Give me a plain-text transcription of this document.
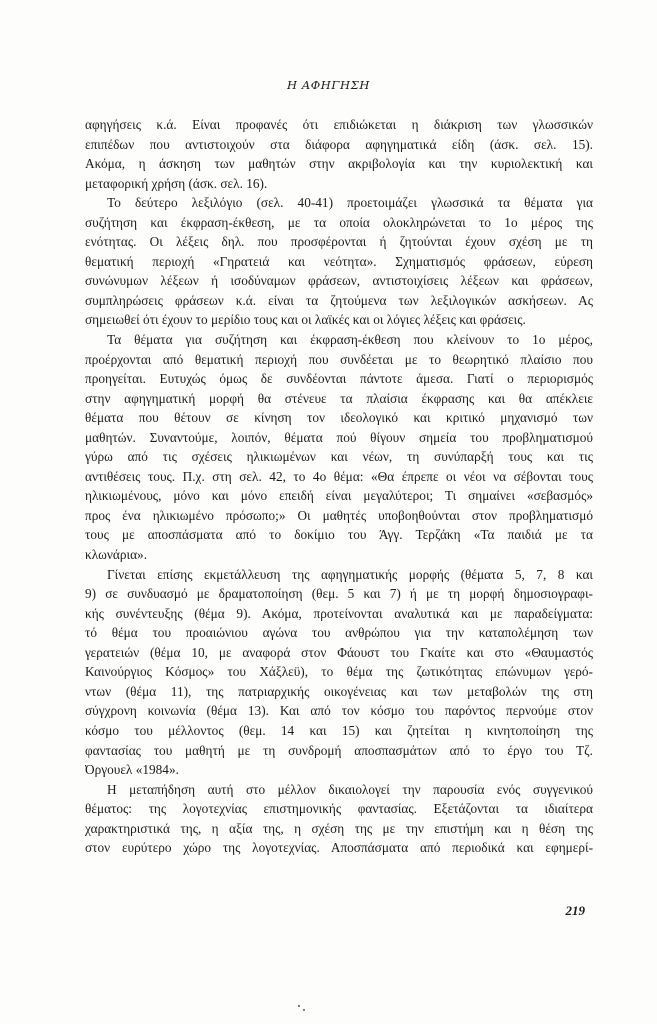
Η ΑΦΗΓΗΣΗ
αφηγήσεις κ.ά. Είναι προφανές ότι επιδιώκεται η διάκριση των γλωσσικών
επιπέδων που αντιστοιχούν στα διάφορα αφηγηματικά είδη (άσκ. σελ. 15).
Ακόμα, η άσκηση των μαθητών στην ακριβολογία και την κυριολεκτική και
μεταφορική χρήση (άσκ. σελ. 16).
Το δεύτερο λεξιλόγιο (σελ. 40-41) προετοιμάζει γλωσσικά τα θέματα για
συζήτηση και έκφραση-έκθεση, με τα οποία ολοκληρώνεται το 1ο μέρος της
ενότητας. Οι λέξεις δηλ. που προσφέρονται ή ζητούνται έχουν σχέση με τη
θεματική περιοχή «Γηρατειά και νεότητα». Σχηματισμός φράσεων, εύρεση
συνώνυμων λέξεων ή ισοδύναμων φράσεων, αντιστοιχίσεις λέξεων και φράσεων,
συμπληρώσεις φράσεων κ.ά. είναι τα ζητούμενα των λεξιλογικών ασκήσεων. Ας
σημειωθεί ότι έχουν το μερίδιο τους και οι λαϊκές και οι λόγιες λέξεις και φράσεις.
Τα θέματα για συζήτηση και έκφραση-έκθεση που κλείνουν το 1ο μέρος,
προέρχονται από θεματική περιοχή που συνδέεται με το θεωρητικό πλαίσιο που
προηγείται. Ευτυχώς όμως δε συνδέονται πάντοτε άμεσα. Γιατί ο περιορισμός
στην αφηγηματική μορφή θα στένευε τα πλαίσια έκφρασης και θα απέκλειε
θέματα που θέτουν σε κίνηση τον ιδεολογικό και κριτικό μηχανισμό των
μαθητών. Συναντούμε, λοιπόν, θέματα πού θίγουν σημεία του προβληματισμού
γύρω από τις σχέσεις ηλικιωμένων και νέων, τη συνύπαρξή τους και τις
αντιθέσεις τους. Π.χ. στη σελ. 42, το 4ο θέμα: «Θα έπρεπε οι νέοι να σέβονται τους
ηλικιωμένους, μόνο και μόνο επειδή είναι μεγαλύτεροι; Τι σημαίνει «σεβασμός»
προς ένα ηλικιωμένο πρόσωπο;» Οι μαθητές υποβοηθούνται στον προβληματισμό
τους με αποσπάσματα από το δοκίμιο του Άγγ. Τερζάκη «Τα παιδιά με τα
κλωνάρια».
Γίνεται επίσης εκμετάλλευση της αφηγηματικής μορφής (θέματα 5, 7, 8 και
9) σε συνδυασμό με δραματοποίηση (θεμ. 5 και 7) ή με τη μορφή δημοσιογραφι-
κής συνέντευξης (θέμα 9). Ακόμα, προτείνονται αναλυτικά και με παραδείγματα:
τό θέμα του προαιώνιου αγώνα του ανθρώπου για την καταπολέμηση των
γερατειών (θέμα 10, με αναφορά στον Φάουστ του Γκαίτε και στο «Θαυμαστός
Καινούργιος Κόσμος» του Χάξλεϋ), το θέμα της ζωτικότητας επώνυμων γερό-
ντων (θέμα 11), της πατριαρχικής οικογένειας και των μεταβολών της στη
σύγχρονη κοινωνία (θέμα 13). Και από τον κόσμο του παρόντος περνούμε στον
κόσμο του μέλλοντος (θεμ. 14 και 15) και ζητείται η κινητοποίηση της
φαντασίας του μαθητή με τη συνδρομή αποσπασμάτων από το έργο του Τζ.
Όργουελ «1984».
Η μεταπήδηση αυτή στο μέλλον δικαιολογεί την παρουσία ενός συγγενικού
θέματος: της λογοτεχνίας επιστημονικής φαντασίας. Εξετάζονται τα ιδιαίτερα
χαρακτηριστικά της, η αξία της, η σχέση της με την επιστήμη και η θέση της
στον ευρύτερο χώρο της λογοτεχνίας. Αποσπάσματα από περιοδικά και εφημερί-
219
